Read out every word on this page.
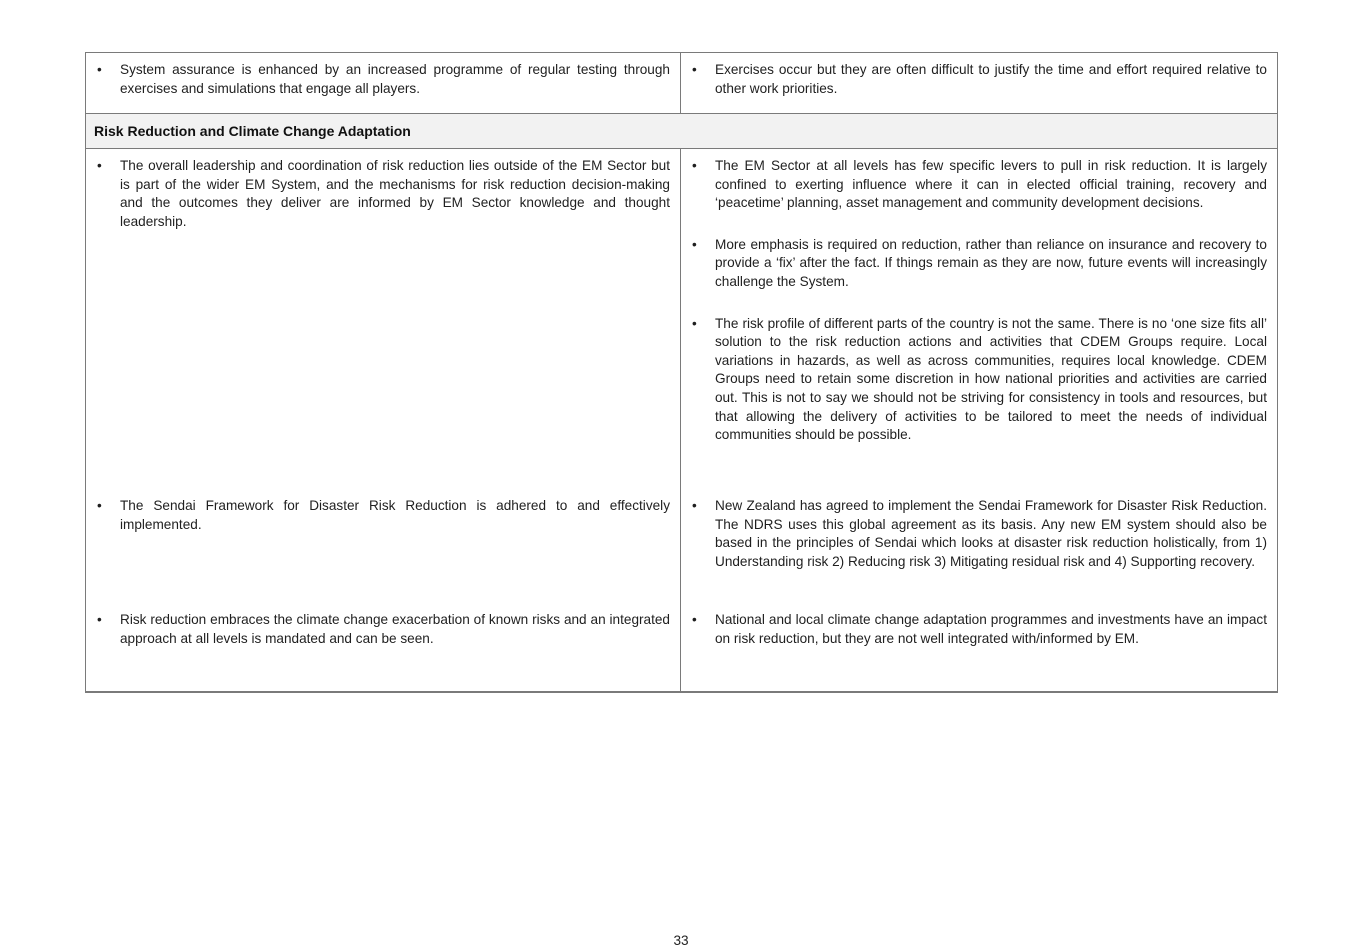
•
System assurance is enhanced by an increased programme of regular testing through exercises and simulations that engage all players.
•
Exercises occur but they are often difficult to justify the time and effort required relative to other work priorities.
Risk Reduction and Climate Change Adaptation
•
The overall leadership and coordination of risk reduction lies outside of the EM Sector but is part of the wider EM System, and the mechanisms for risk reduction decision-making and the outcomes they deliver are informed by EM Sector knowledge and thought leadership.
•
The EM Sector at all levels has few specific levers to pull in risk reduction. It is largely confined to exerting influence where it can in elected official training, recovery and ‘peacetime’ planning, asset management and community development decisions.
•
More emphasis is required on reduction, rather than reliance on insurance and recovery to provide a ‘fix’ after the fact. If things remain as they are now, future events will increasingly challenge the System.
•
The risk profile of different parts of the country is not the same. There is no ‘one size fits all’ solution to the risk reduction actions and activities that CDEM Groups require. Local variations in hazards, as well as across communities, requires local knowledge. CDEM Groups need to retain some discretion in how national priorities and activities are carried out. This is not to say we should not be striving for consistency in tools and resources, but that allowing the delivery of activities to be tailored to meet the needs of individual communities should be possible.
•
The Sendai Framework for Disaster Risk Reduction is adhered to and effectively implemented.
•
New Zealand has agreed to implement the Sendai Framework for Disaster Risk Reduction. The NDRS uses this global agreement as its basis. Any new EM system should also be based in the principles of Sendai which looks at disaster risk reduction holistically, from 1) Understanding risk 2) Reducing risk 3) Mitigating residual risk and 4) Supporting recovery.
•
Risk reduction embraces the climate change exacerbation of known risks and an integrated approach at all levels is mandated and can be seen.
•
National and local climate change adaptation programmes and investments have an impact on risk reduction, but they are not well integrated with/informed by EM.
33
